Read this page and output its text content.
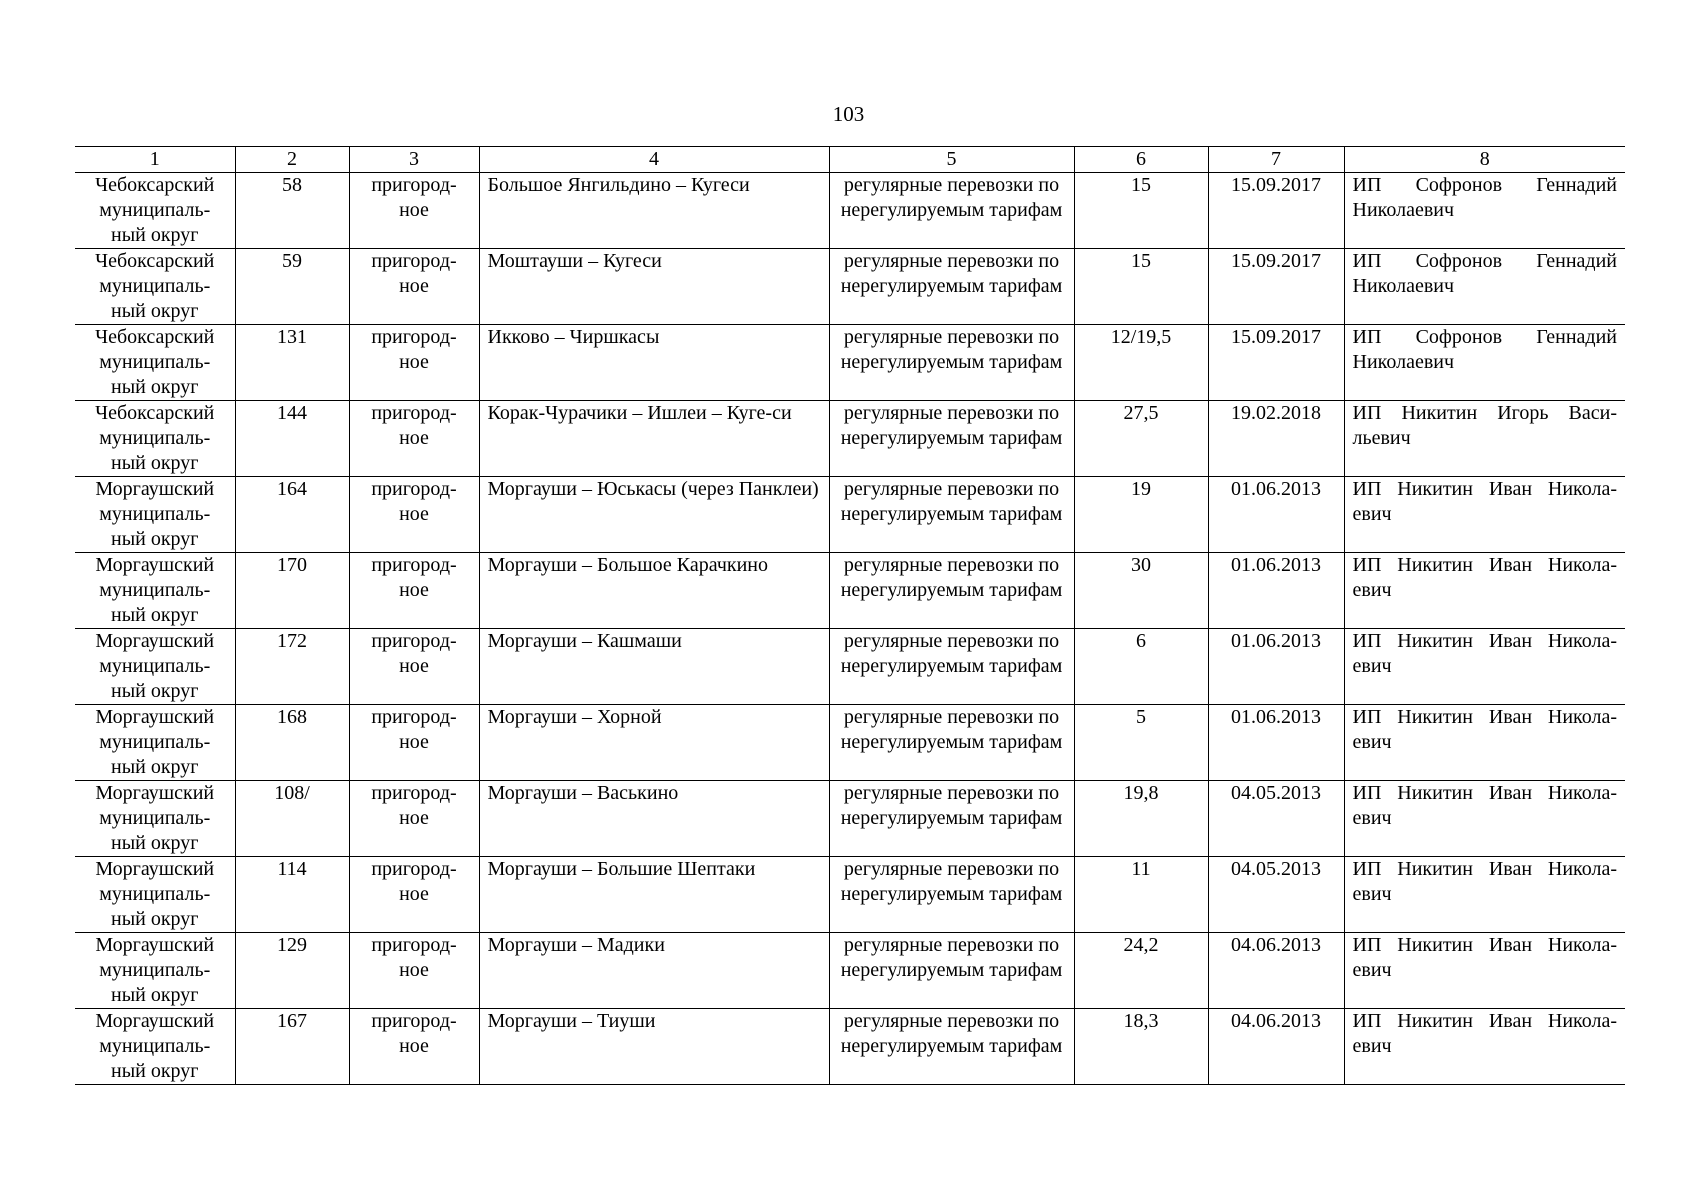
103
1	2	3	4	5	6	7	8
Чебоксарский муниципаль-ный округ	58	пригород-ное	Большое Янгильдино – Кугеси	регулярные перевозки по нерегулируемым тарифам	15	15.09.2017	ИП Софронов Геннадий Николаевич
Чебоксарский муниципаль-ный округ	59	пригород-ное	Моштауши – Кугеси	регулярные перевозки по нерегулируемым тарифам	15	15.09.2017	ИП Софронов Геннадий Николаевич
Чебоксарский муниципаль-ный округ	131	пригород-ное	Икково – Чиршкасы	регулярные перевозки по нерегулируемым тарифам	12/19,5	15.09.2017	ИП Софронов Геннадий Николаевич
Чебоксарский муниципаль-ный округ	144	пригород-ное	Корак-Чурачики – Ишлеи – Куге-си	регулярные перевозки по нерегулируемым тарифам	27,5	19.02.2018	ИП Никитин Игорь Васи-льевич
Моргаушский муниципаль-ный округ	164	пригород-ное	Моргауши – Юськасы (через Панклеи)	регулярные перевозки по нерегулируемым тарифам	19	01.06.2013	ИП Никитин Иван Никола-евич
Моргаушский муниципаль-ный округ	170	пригород-ное	Моргауши – Большое Карачкино	регулярные перевозки по нерегулируемым тарифам	30	01.06.2013	ИП Никитин Иван Никола-евич
Моргаушский муниципаль-ный округ	172	пригород-ное	Моргауши – Кашмаши	регулярные перевозки по нерегулируемым тарифам	6	01.06.2013	ИП Никитин Иван Никола-евич
Моргаушский муниципаль-ный округ	168	пригород-ное	Моргауши – Хорной	регулярные перевозки по нерегулируемым тарифам	5	01.06.2013	ИП Никитин Иван Никола-евич
Моргаушский муниципаль-ный округ	108/	пригород-ное	Моргауши – Васькино	регулярные перевозки по нерегулируемым тарифам	19,8	04.05.2013	ИП Никитин Иван Никола-евич
Моргаушский муниципаль-ный округ	114	пригород-ное	Моргауши – Большие Шептаки	регулярные перевозки по нерегулируемым тарифам	11	04.05.2013	ИП Никитин Иван Никола-евич
Моргаушский муниципаль-ный округ	129	пригород-ное	Моргауши – Мадики	регулярные перевозки по нерегулируемым тарифам	24,2	04.06.2013	ИП Никитин Иван Никола-евич
Моргаушский муниципаль-ный округ	167	пригород-ное	Моргауши – Тиуши	регулярные перевозки по нерегулируемым тарифам	18,3	04.06.2013	ИП Никитин Иван Никола-евич
